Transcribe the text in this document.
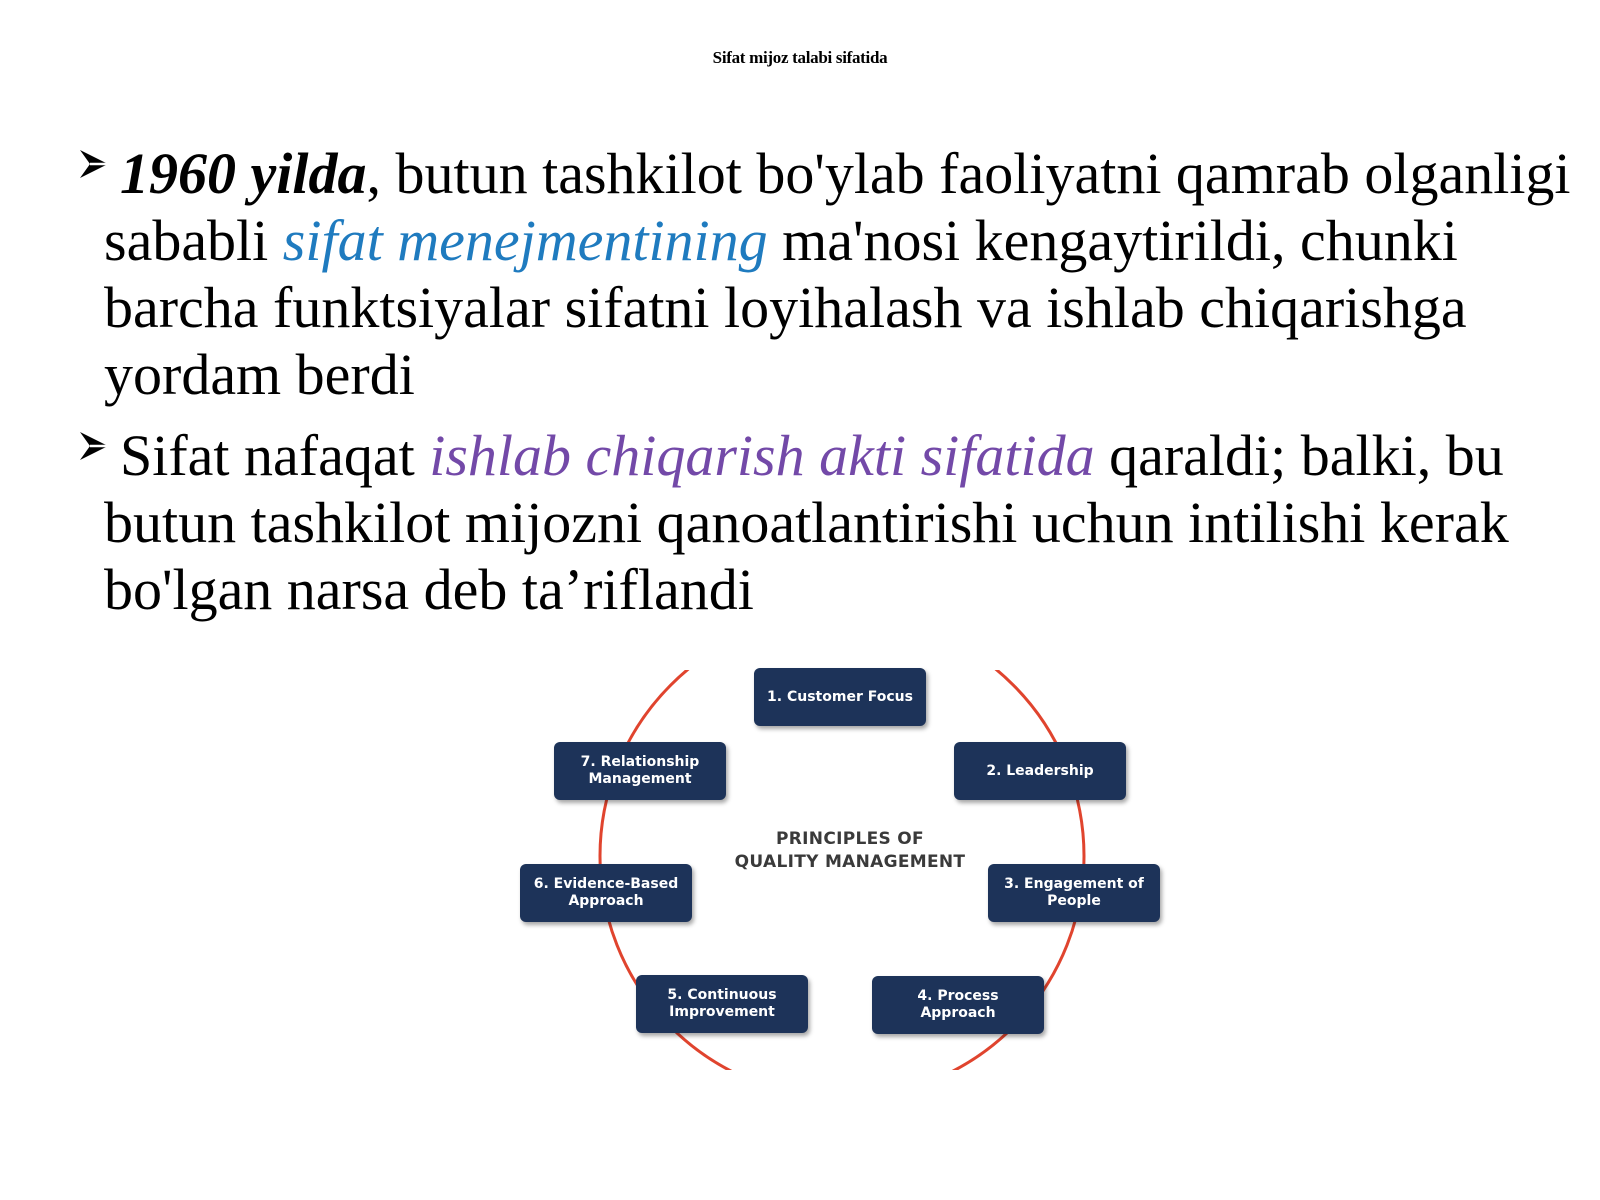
Sifat mijoz talabi sifatida
1960 yilda, butun tashkilot bo'ylab faoliyatni qamrab olganligi sababli sifat menejmentining ma'nosi kengaytirildi, chunki barcha funktsiyalar sifatni loyihalash va ishlab chiqarishga yordam berdi
Sifat nafaqat ishlab chiqarish akti sifatida qaraldi; balki, bu butun tashkilot mijozni qanoatlantirishi uchun intilishi kerak bo'lgan narsa deb ta’riflandi
PRINCIPLES OF
QUALITY MANAGEMENT
1. Customer Focus
2. Leadership
3. Engagement of People
4. Process Approach
5. Continuous Improvement
6. Evidence-Based Approach
7. Relationship Management
